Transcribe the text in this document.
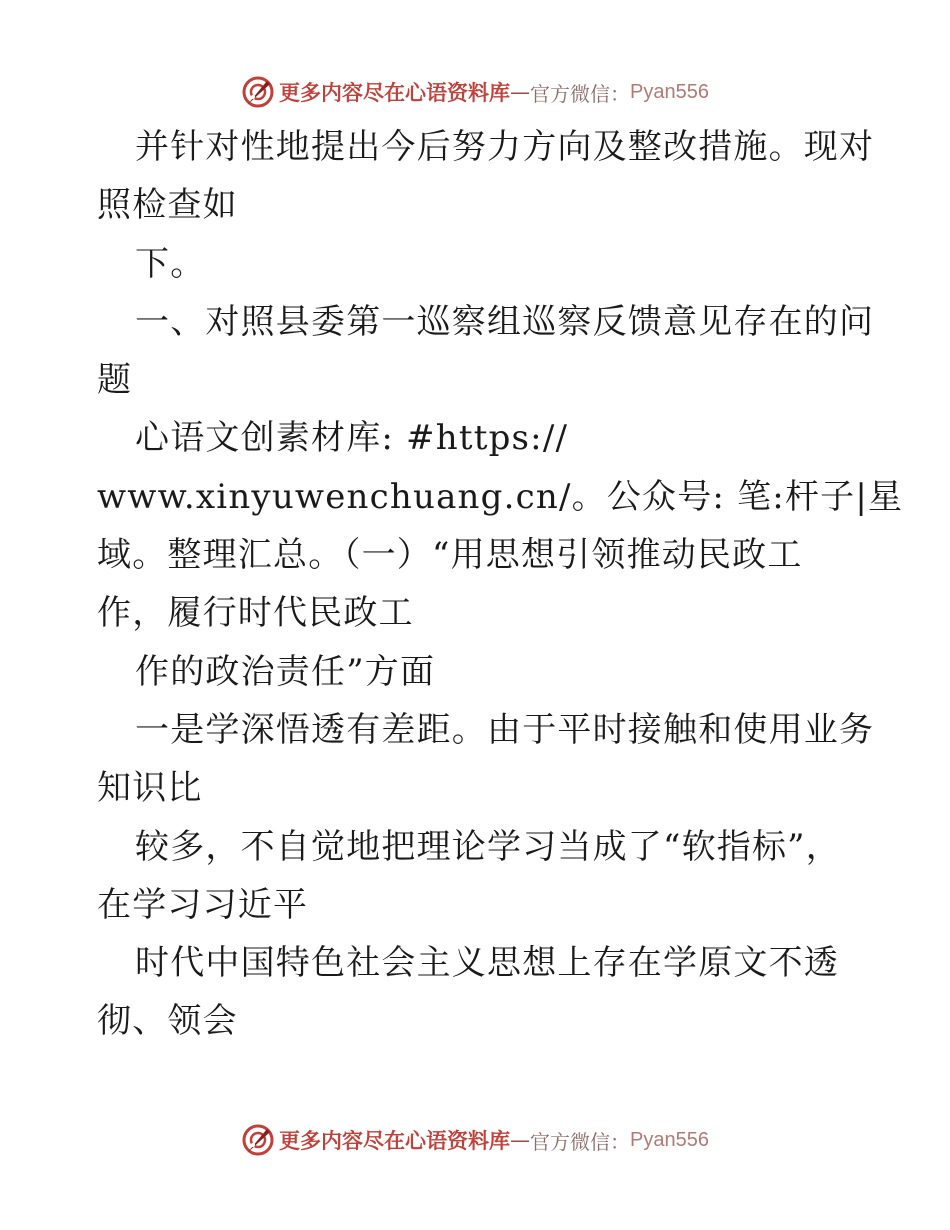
更多内容尽在心语资料库 — 官方微信： Pyan556
并针对性地提出今后努力方向及整改措施。现对
照检查如
下。
一、对照县委第一巡察组巡察反馈意见存在的问
题
心语文创素材库: #https://
www.xinyuwenchuang.cn/。公众号: 笔:杆子|星
域。整理汇总。（一）“用思想引领推动民政工
作，履行时代民政工
作的政治责任”方面
一是学深悟透有差距。由于平时接触和使用业务
知识比
较多，不自觉地把理论学习当成了“软指标”，
在学习习近平
时代中国特色社会主义思想上存在学原文不透
彻、领会
更多内容尽在心语资料库 — 官方微信： Pyan556
